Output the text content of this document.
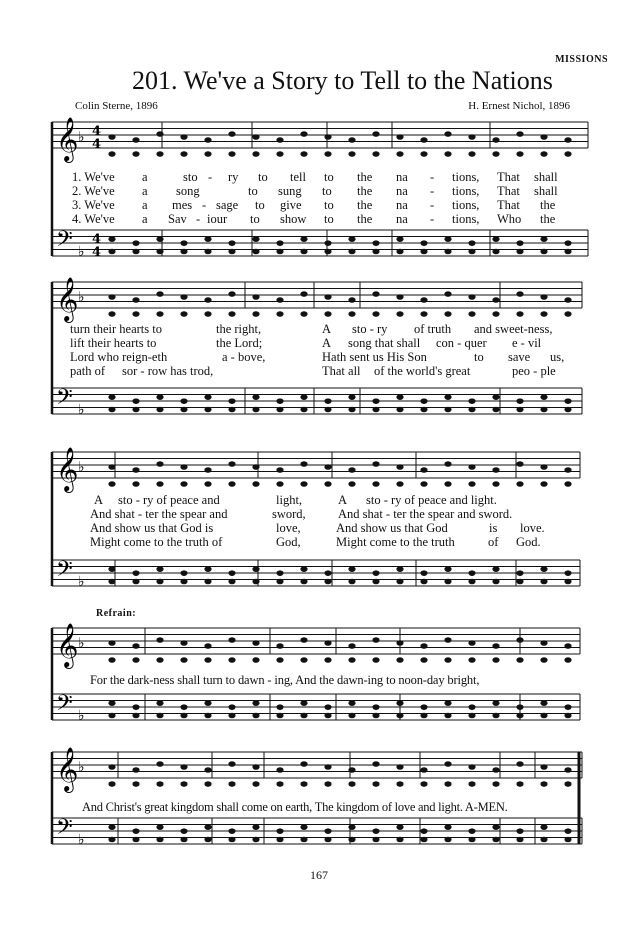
MISSIONS
201. We've a Story to Tell to the Nations
Colin Sterne, 1896	H. Ernest Nichol, 1896
𝄞
𝄢
♭
♭
𝄞
𝄢
♭
♭
𝄞
𝄢
♭
♭
𝄞
𝄢
♭
♭
𝄞
𝄢
♭
♭
4
4
4
4
1. We've a	sto - ry to tell to the na - tions, That shall
2. We've a song	to sung to the na - tions, That shall
3. We've a mes - sage to give to the na - tions, That the
4. We've a Sav - iour to show to the na - tions, Who the
turn their hearts to	the right,	A sto - ry of truth and sweet-ness,
lift their hearts to	the Lord;	A song that shall con - quer e - vil
Lord who reign-eth	a - bove,	Hath sent us His Son	to save us,
path of sor - row has trod,	That all of the world's great	peo - ple
A sto - ry of peace and	light,	A sto - ry of peace and light.
And shat - ter the spear and	sword,	And shat - ter the spear and sword.
And show us that God is	love,	And show us that God	is love.
Might come to the truth of	God,	Might come to the truth	of God.
Refrain:
For the dark-ness shall turn to dawn - ing, And the dawn-ing to noon-day bright,
And Christ's great kingdom shall come on earth, The kingdom of love and light. A-MEN.
167
